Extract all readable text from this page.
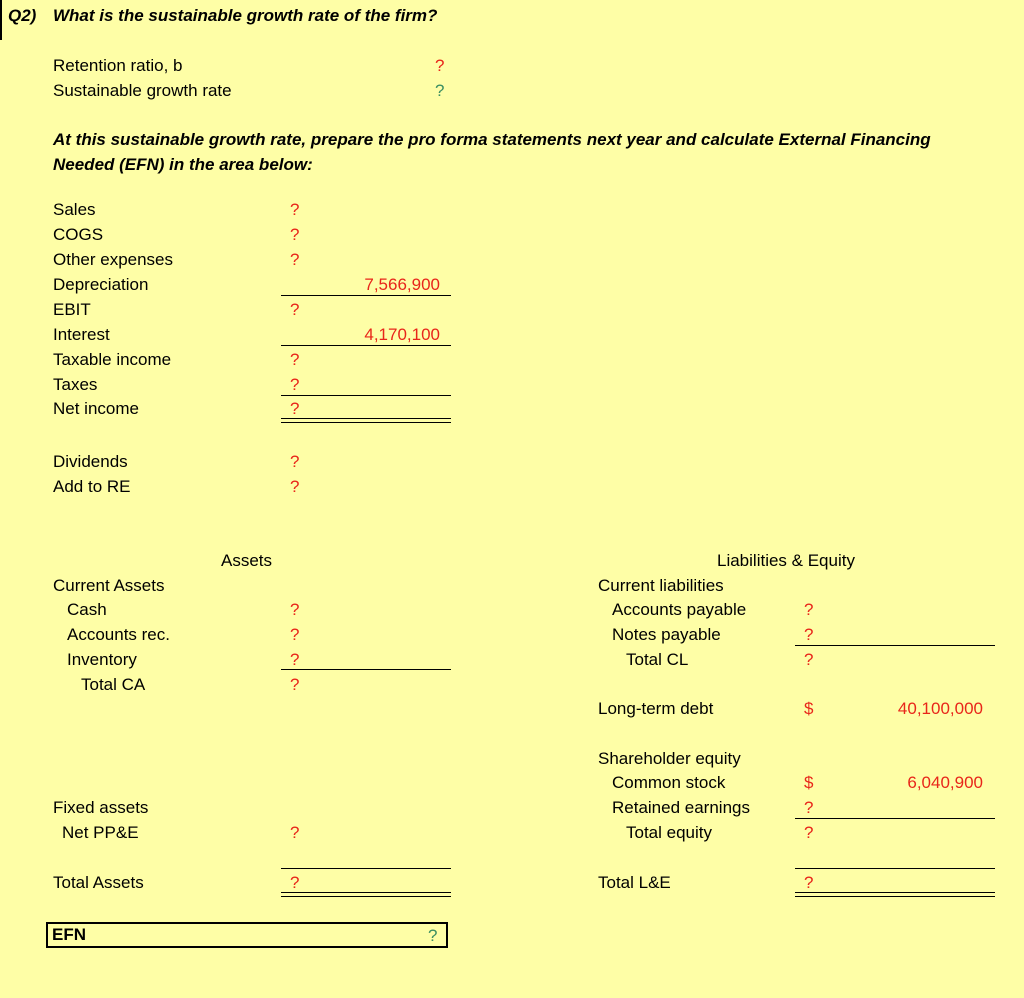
Q2) What is the sustainable growth rate of the firm?
Retention ratio, b	?
Sustainable growth rate	?
At this sustainable growth rate, prepare the pro forma statements next year and calculate External Financing
Needed (EFN) in the area below:
Sales	?
COGS	?
Other expenses	?
Depreciation	7,566,900
EBIT	?
Interest	4,170,100
Taxable income	?
Taxes	?
Net income	?
Dividends	?
Add to RE	?
Assets	Liabilities & Equity
Current Assets
Cash	?
Accounts rec.	?
Inventory	?
Total CA	?
Fixed assets
Net PP&E	?
Total Assets	?
Current liabilities
Accounts payable	?
Notes payable	?
Total CL	?
Long-term debt	$	40,100,000
Shareholder equity
Common stock	$	6,040,900
Retained earnings	?
Total equity	?
Total L&E	?
EFN	?
